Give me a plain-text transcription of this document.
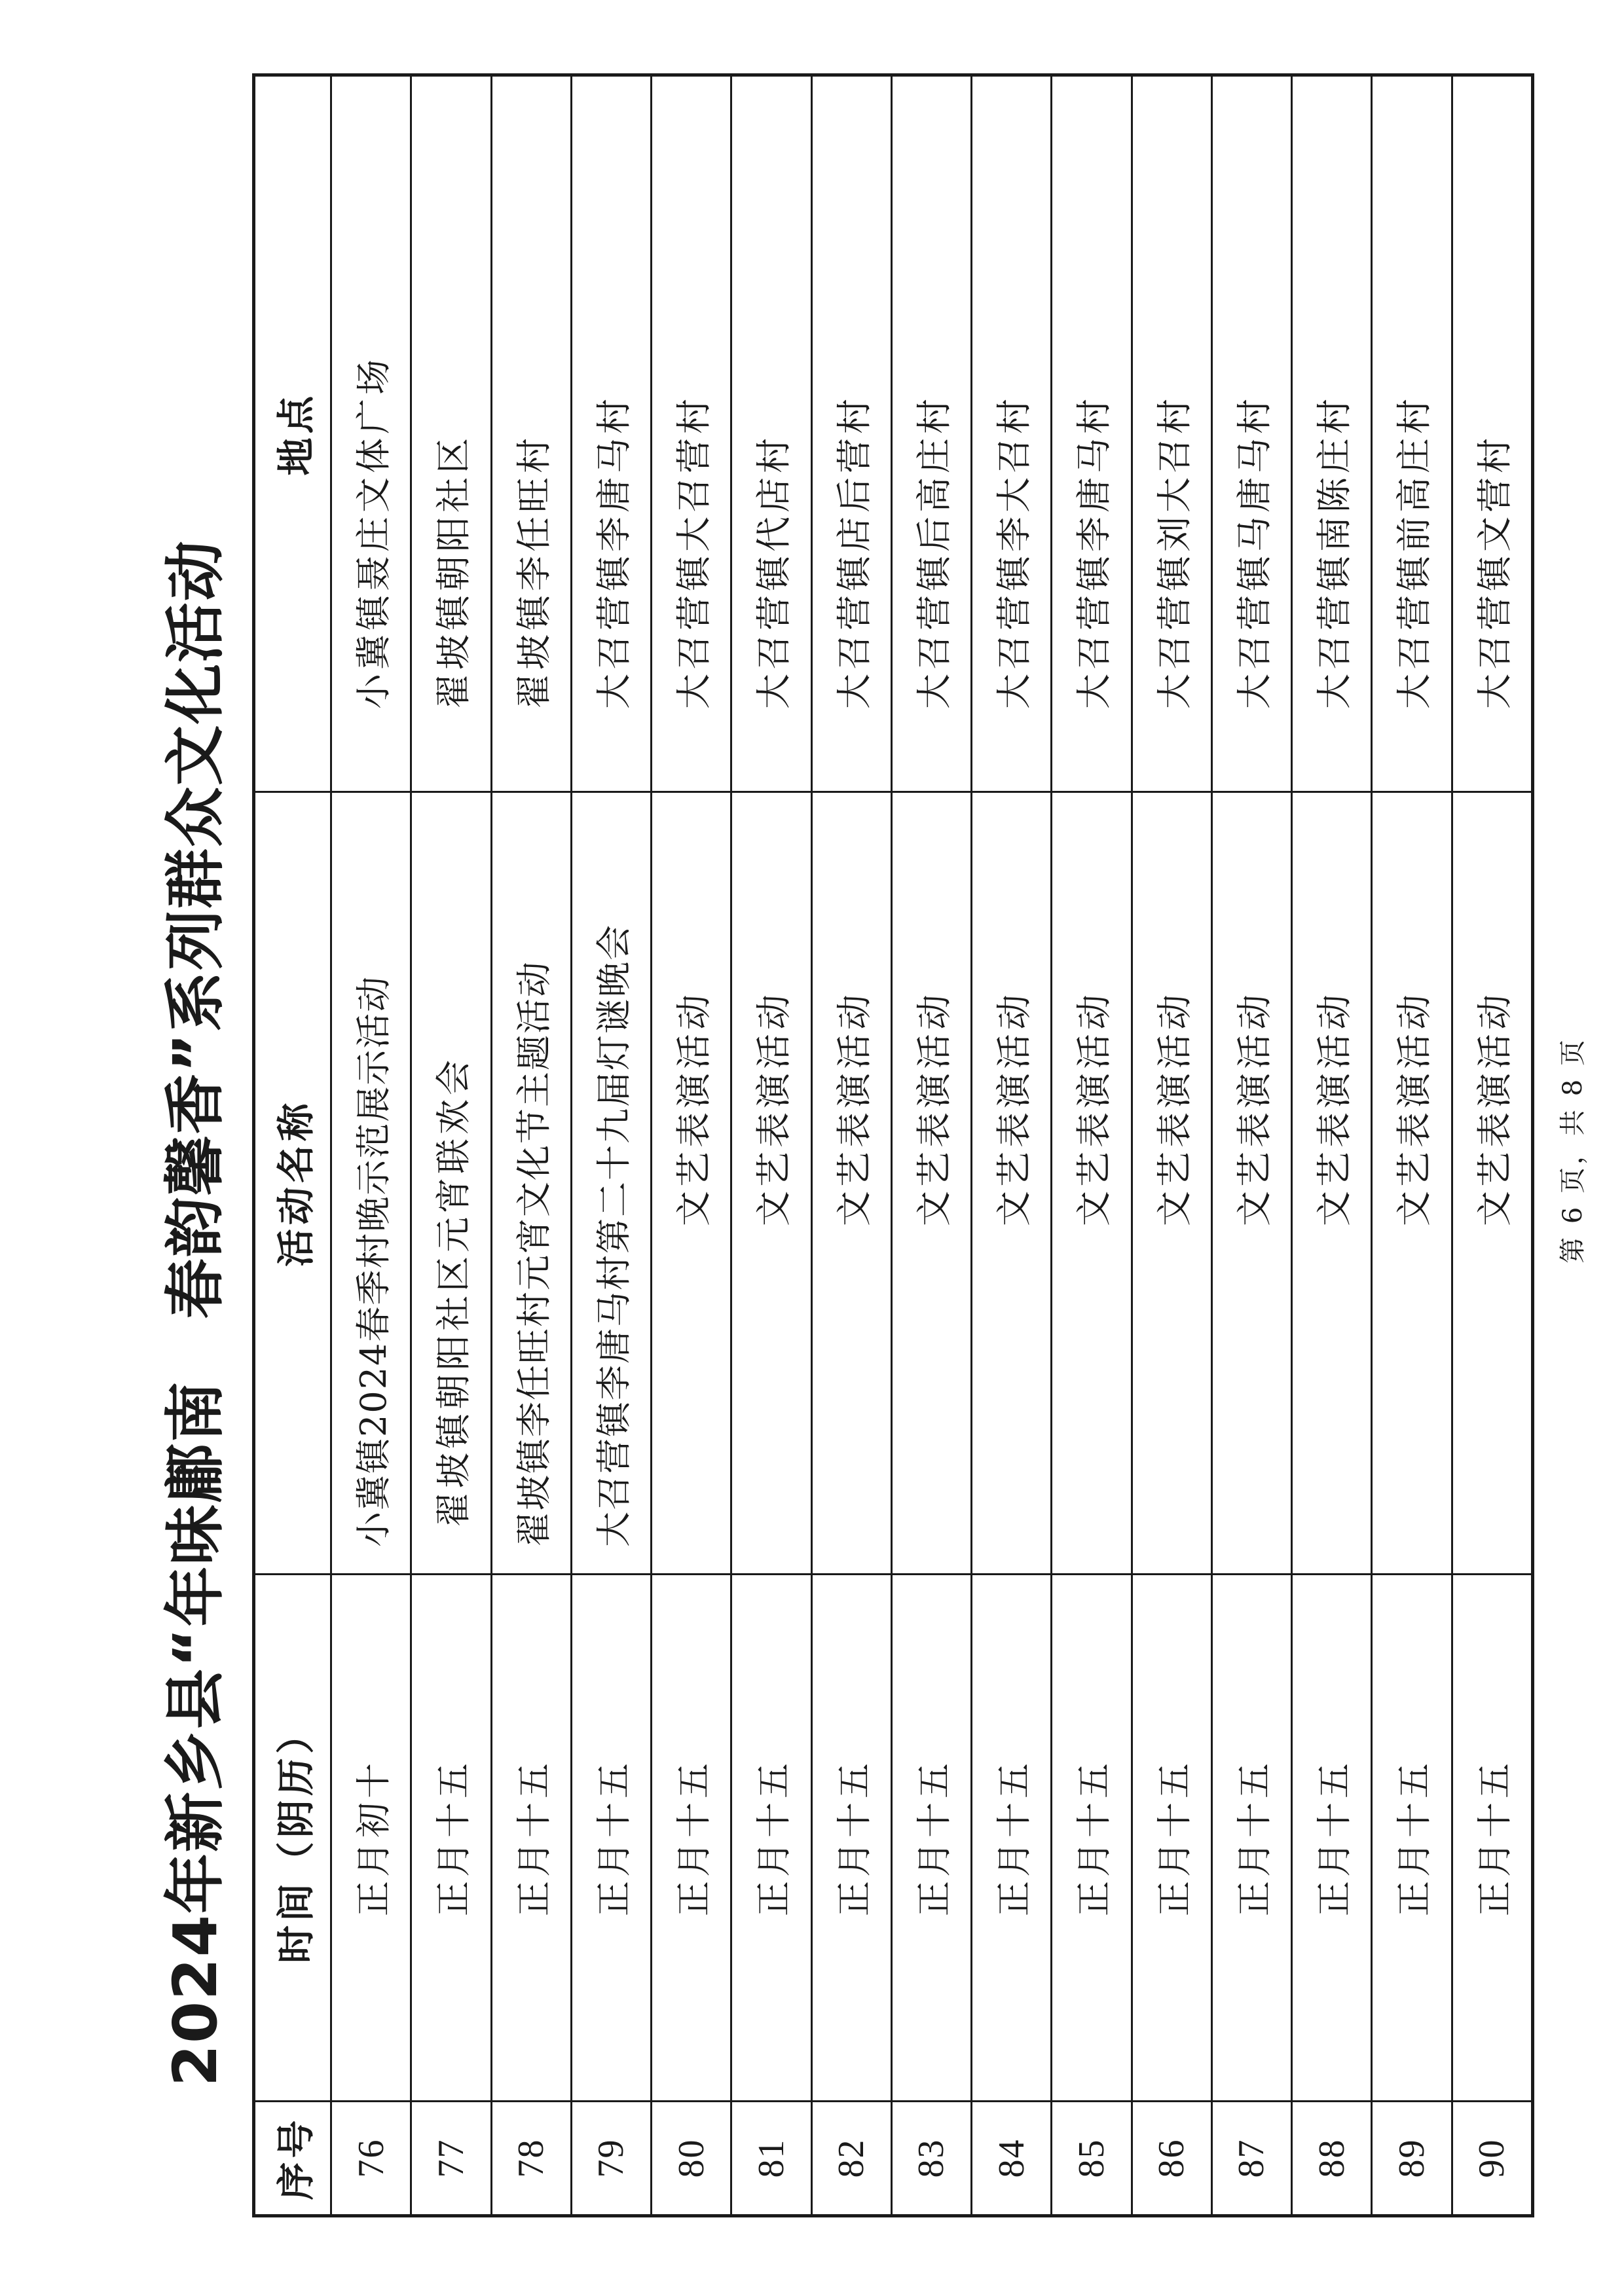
2024年新乡县“年味鄘南　春韵馨香”系列群众文化活动
序号	时间（阴历）	活动名称	地点
76	正月初十	小冀镇2024春季村晚示范展示活动	小冀镇聂庄文体广场
77	正月十五	翟坡镇朝阳社区元宵联欢会	翟坡镇朝阳社区
78	正月十五	翟坡镇李任旺村元宵文化节主题活动	翟坡镇李任旺村
79	正月十五	大召营镇李唐马村第二十九届灯谜晚会	大召营镇李唐马村
80	正月十五	文艺表演活动	大召营镇大召营村
81	正月十五	文艺表演活动	大召营镇代店村
82	正月十五	文艺表演活动	大召营镇店后营村
83	正月十五	文艺表演活动	大召营镇后高庄村
84	正月十五	文艺表演活动	大召营镇李大召村
85	正月十五	文艺表演活动	大召营镇李唐马村
86	正月十五	文艺表演活动	大召营镇刘大召村
87	正月十五	文艺表演活动	大召营镇马唐马村
88	正月十五	文艺表演活动	大召营镇南陈庄村
89	正月十五	文艺表演活动	大召营镇前高庄村
90	正月十五	文艺表演活动	大召营镇文营村
第 6 页，共 8 页
